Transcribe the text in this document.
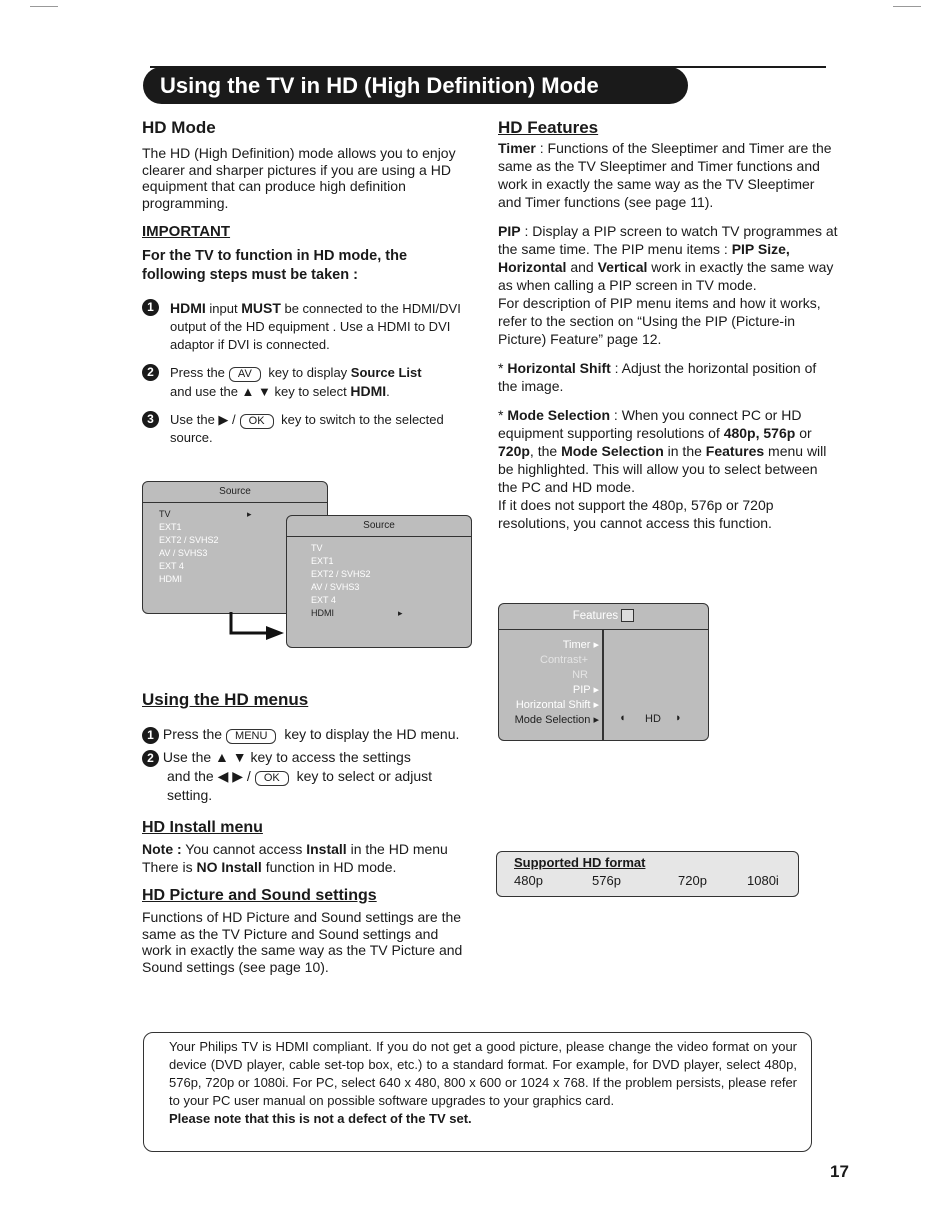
Using the TV in HD (High Definition) Mode
HD Mode
The HD (High Definition) mode allows you to enjoy clearer and sharper pictures if you are using a HD equipment that can produce high definition programming.
IMPORTANT
For the TV to function in HD mode, the following steps must be taken :
1	HDMI input MUST be connected to the HDMI/DVI output of the HD equipment . Use a HDMI to DVI adaptor if DVI is connected.
2	Press the AV key to display Source List
and use the ▲ ▼ key to select HDMI.
3	Use the ▶ / OK key to switch to the selected source.
Source
TV	▸
EXT1
EXT2 / SVHS2
AV / SVHS3
EXT 4
HDMI
Source
TV
EXT1
EXT2 / SVHS2
AV / SVHS3
EXT 4
HDMI	▸
Using the HD menus
1 Press the MENU key to display the HD menu.
2 Use the ▲ ▼ key to access the settings
and the ◀ ▶ / OK key to select or adjust setting.
HD Install menu
Note : You cannot access Install in the HD menu There is NO Install function in HD mode.
HD Picture and Sound settings
Functions of HD Picture and Sound settings are the same as the TV Picture and Sound settings and work in exactly the same way as the TV Picture and Sound settings (see page 10).
HD Features
Timer : Functions of the Sleeptimer and Timer are the same as the TV Sleeptimer and Timer functions and work in exactly the same way as the TV Sleeptimer and Timer functions (see page 11).
PIP : Display a PIP screen to watch TV programmes at the same time. The PIP menu items : PIP Size, Horizontal and Vertical work in exactly the same way as when calling a PIP screen in TV mode.
For description of PIP menu items and how it works, refer to the section on “Using the PIP (Picture-in Picture) Feature” page 12.
* Horizontal Shift : Adjust the horizontal position of the image.
* Mode Selection : When you connect PC or HD equipment supporting resolutions of 480p, 576p or 720p, the Mode Selection in the Features menu will be highlighted. This will allow you to select between the PC and HD mode.
If it does not support the 480p, 576p or 720p resolutions, you cannot access this function.
Features
Timer ▸
Contrast+
NR
PIP ▸
Horizontal Shift ▸
Mode Selection ▸ ◖ HD ◗
Supported HD format
480p	576p	720p	1080i
Your Philips TV is HDMI compliant. If you do not get a good picture, please change the video format on your device (DVD player, cable set-top box, etc.) to a standard format. For example, for DVD player, select 480p, 576p, 720p or 1080i. For PC, select 640 x 480, 800 x 600 or 1024 x 768. If the problem persists, please refer to your PC user manual on possible software upgrades to your graphics card.
Please note that this is not a defect of the TV set.
17
